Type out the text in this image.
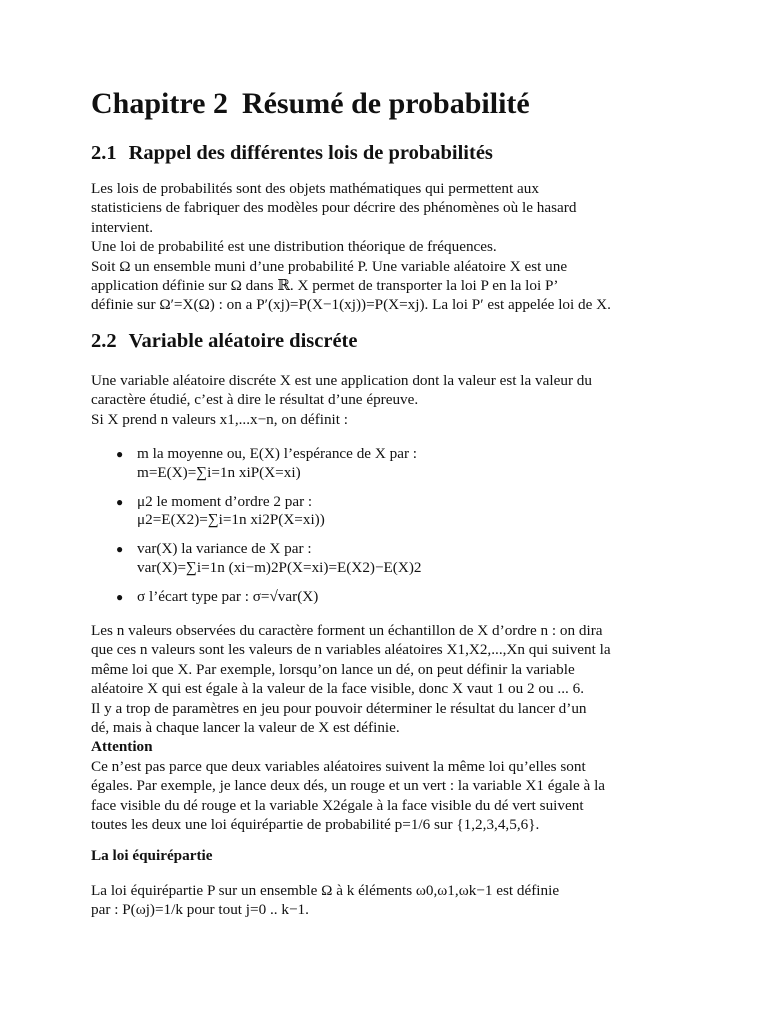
Chapitre 2 Résumé de probabilité
2.1 Rappel des différentes lois de probabilités
Les lois de probabilités sont des objets mathématiques qui permettent aux
statisticiens de fabriquer des modèles pour décrire des phénomènes où le hasard
intervient.
Une loi de probabilité est une distribution théorique de fréquences.
Soit Ω un ensemble muni d’une probabilité P. Une variable aléatoire X est une
application définie sur Ω dans ℝ. X permet de transporter la loi P en la loi P’
définie sur Ω′=X(Ω) : on a P′(xj)=P(X−1(xj))=P(X=xj). La loi P′ est appelée loi de X.
2.2 Variable aléatoire discréte
Une variable aléatoire discréte X est une application dont la valeur est la valeur du
caractère étudié, c’est à dire le résultat d’une épreuve.
Si X prend n valeurs x1,...x−n, on définit :
● m la moyenne ou, E(X) l’espérance de X par :
m=E(X)=∑i=1n xiP(X=xi)
● μ2 le moment d’ordre 2 par :
μ2=E(X2)=∑i=1n xi2P(X=xi))
● var(X) la variance de X par :
var(X)=∑i=1n (xi−m)2P(X=xi)=E(X2)−E(X)2
● σ l’écart type par : σ=√var(X)
Les n valeurs observées du caractère forment un échantillon de X d’ordre n : on dira
que ces n valeurs sont les valeurs de n variables aléatoires X1,X2,...,Xn qui suivent la
même loi que X. Par exemple, lorsqu’on lance un dé, on peut définir la variable
aléatoire X qui est égale à la valeur de la face visible, donc X vaut 1 ou 2 ou ... 6.
Il y a trop de paramètres en jeu pour pouvoir déterminer le résultat du lancer d’un
dé, mais à chaque lancer la valeur de X est définie.
Attention
Ce n’est pas parce que deux variables aléatoires suivent la même loi qu’elles sont
égales. Par exemple, je lance deux dés, un rouge et un vert : la variable X1 égale à la
face visible du dé rouge et la variable X2égale à la face visible du dé vert suivent
toutes les deux une loi équirépartie de probabilité p=1/6 sur {1,2,3,4,5,6}.
La loi équirépartie
La loi équirépartie P sur un ensemble Ω à k éléments ω0,ω1,ωk−1 est définie
par : P(ωj)=1/k pour tout j=0 .. k−1.
